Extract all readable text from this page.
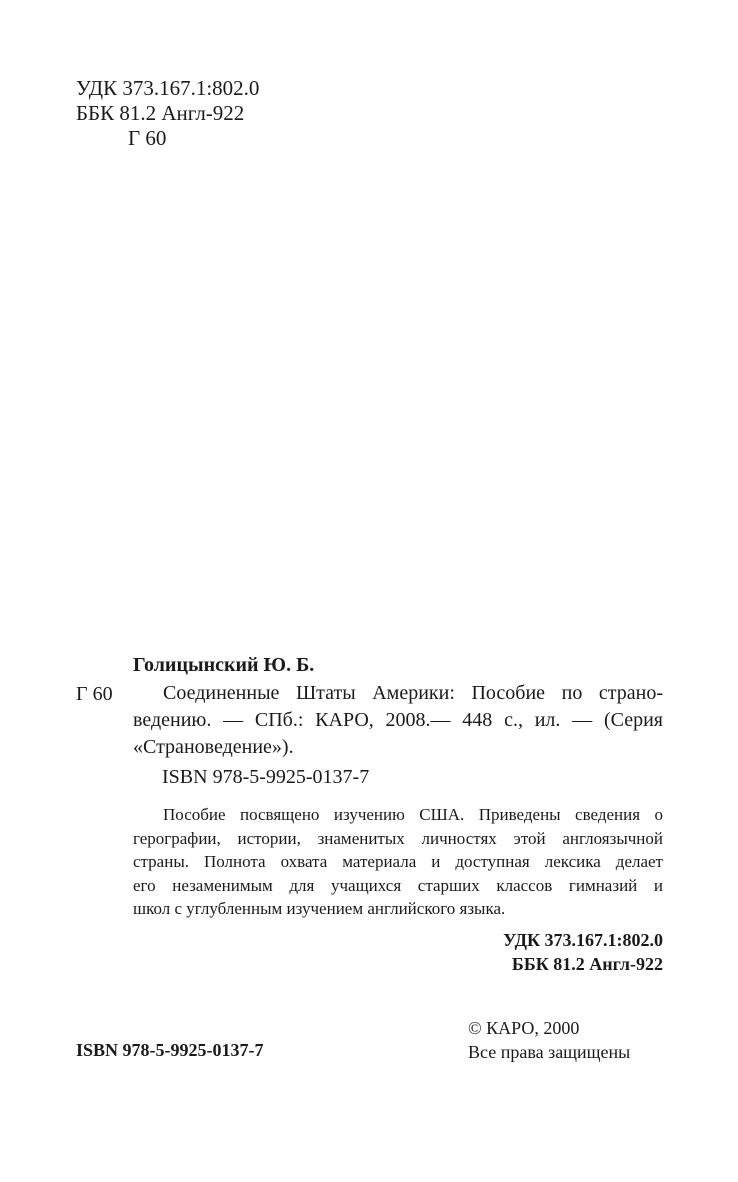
УДК 373.167.1:802.0
ББК 81.2 Англ-922
Г 60
Голицынский Ю. Б.
Г 60	Соединенные Штаты Америки: Пособие по страно-
ведению. — СПб.: КАРО, 2008.— 448 с., ил. — (Серия
«Страноведение»).
ISBN 978-5-9925-0137-7
Пособие посвящено изучению США. Приведены сведения о
герографии, истории, знаменитых личностях этой англоязычной
страны. Полнота охвата материала и доступная лексика делает
его незаменимым для учащихся старших классов гимназий и
школ с углубленным изучением английского языка.
УДК 373.167.1:802.0
ББК 81.2 Англ-922
© КАРО, 2000
Все права защищены
ISBN 978-5-9925-0137-7
